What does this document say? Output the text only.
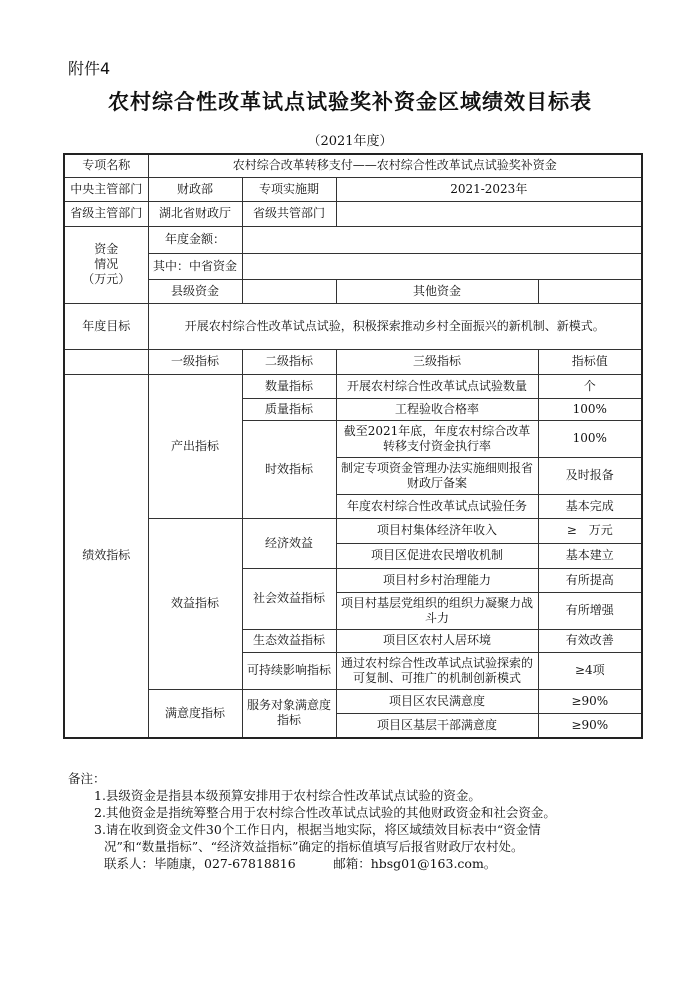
附件4
农村综合性改革试点试验奖补资金区域绩效目标表
（2021年度）
专项名称	农村综合改革转移支付——农村综合性改革试点试验奖补资金			
中央主管部门	财政部	专项实施期	2021-2023年	
省级主管部门	湖北省财政厅	省级共管部门		

资金
情况
（万元）	年度金额：			
	其中：中省资金			
	县级资金		其他资金	
年度目标	开展农村综合性改革试点试验，积极探索推动乡村全面振兴的新机制、新模式。			
	一级指标	二级指标	三级指标	指标值
绩效指标	产出指标	数量指标	开展农村综合性改革试点试验数量	个
		质量指标	工程验收合格率	100%
		时效指标	截至2021年底，年度农村综合改革转移支付资金执行率	100%
			制定专项资金管理办法实施细则报省财政厅备案	及时报备
			年度农村综合性改革试点试验任务	基本完成
	效益指标	经济效益	项目村集体经济年收入	≥　万元
			项目区促进农民增收机制	基本建立
		社会效益指标	项目村乡村治理能力	有所提高
			项目村基层党组织的组织力凝聚力战斗力	有所增强
		生态效益指标	项目区农村人居环境	有效改善
		可持续影响指标	通过农村综合性改革试点试验探索的可复制、可推广的机制创新模式	≥4项
	满意度指标	服务对象满意度指标	项目区农民满意度	≥90%
			项目区基层干部满意度	≥90%
备注：
1.县级资金是指县本级预算安排用于农村综合性改革试点试验的资金。
2.其他资金是指统筹整合用于农村综合性改革试点试验的其他财政资金和社会资金。
3.请在收到资金文件30个工作日内，根据当地实际，将区域绩效目标表中“资金情
况”和“数量指标”、“经济效益指标”确定的指标值填写后报省财政厅农村处。
联系人：毕随康，027-67818816　　　邮箱：hbsg01@163.com。
